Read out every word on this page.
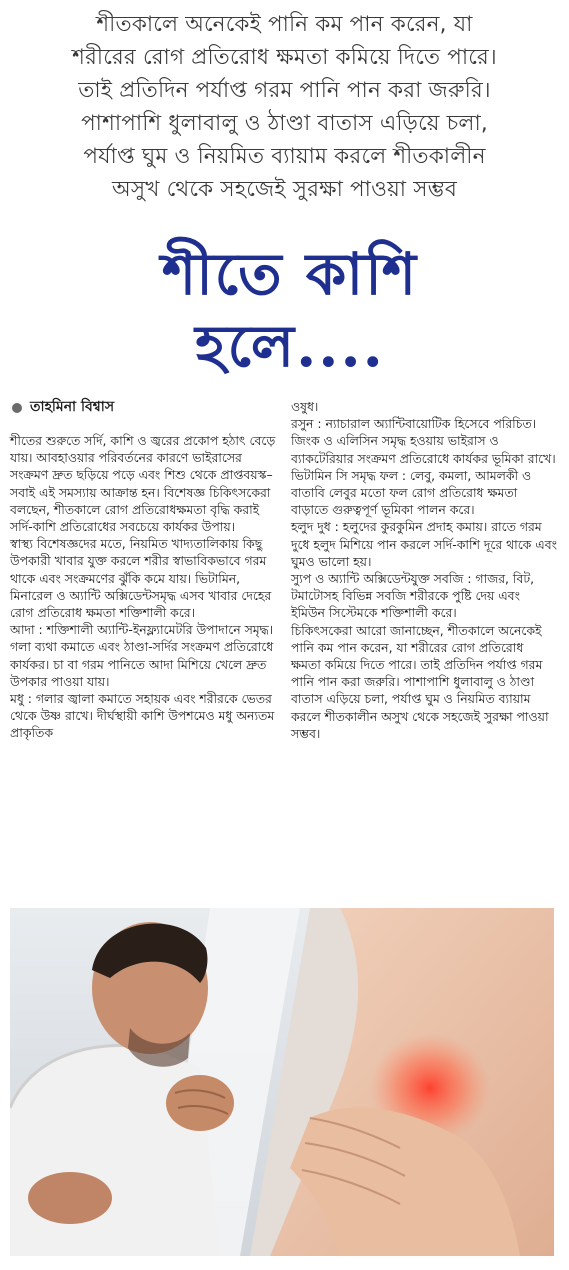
শীতকালে অনেকেই পানি কম পান করেন, যা

শরীরের রোগ প্রতিরোধ ক্ষমতা কমিয়ে দিতে পারে।

তাই প্রতিদিন পর্যাপ্ত গরম পানি পান করা জরুরি।

পাশাপাশি ধুলাবালু ও ঠাণ্ডা বাতাস এড়িয়ে চলা,

পর্যাপ্ত ঘুম ও নিয়মিত ব্যায়াম করলে শীতকালীন

অসুখ থেকে সহজেই সুরক্ষা পাওয়া সম্ভব

শীতে কাশি
হলে....
তাহমিনা বিশ্বাস

শীতের শুরুতে সর্দি, কাশি ও জ্বরের প্রকোপ হঠাৎ বেড়ে যায়। আবহাওয়ার পরিবর্তনের কারণে ভাইরাসের সংক্রমণ দ্রুত ছড়িয়ে পড়ে এবং শিশু থেকে প্রাপ্তবয়স্ক– সবাই এই সমস্যায় আক্রান্ত হন। বিশেষজ্ঞ চিকিৎসকেরা বলছেন, শীতকালে রোগ প্রতিরোধক্ষমতা বৃদ্ধি করাই সর্দি-কাশি প্রতিরোধের সবচেয়ে কার্যকর উপায়।

স্বাস্থ্য বিশেষজ্ঞদের মতে, নিয়মিত খাদ্যতালিকায় কিছু উপকারী খাবার যুক্ত করলে শরীর স্বাভাবিকভাবে গরম থাকে এবং সংক্রমণের ঝুঁকি কমে যায়। ভিটামিন, মিনারেল ও অ্যান্টি অক্সিডেন্টসমৃদ্ধ এসব খাবার দেহের রোগ প্রতিরোধ ক্ষমতা শক্তিশালী করে।

আদা : শক্তিশালী অ্যান্টি-ইনফ্ল্যামেটরি উপাদানে সমৃদ্ধ। গলা ব্যথা কমাতে এবং ঠাণ্ডা-সর্দির সংক্রমণ প্রতিরোধে কার্যকর। চা বা গরম পানিতে আদা মিশিয়ে খেলে দ্রুত উপকার পাওয়া যায়।

মধু : গলার জ্বালা কমাতে সহায়ক এবং শরীরকে ভেতর থেকে উষ্ণ রাখে। দীর্ঘস্থায়ী কাশি উপশমেও মধু অন্যতম প্রাকৃতিক

ওষুধ।

রসুন : ন্যাচারাল অ্যান্টিবায়োটিক হিসেবে পরিচিত। জিংক ও এলিসিন সমৃদ্ধ হওয়ায় ভাইরাস ও ব্যাকটেরিয়ার সংক্রমণ প্রতিরোধে কার্যকর ভূমিকা রাখে।

ভিটামিন সি সমৃদ্ধ ফল : লেবু, কমলা, আমলকী ও বাতাবি লেবুর মতো ফল রোগ প্রতিরোধ ক্ষমতা বাড়াতে গুরুত্বপূর্ণ ভূমিকা পালন করে।

হলুদ দুধ : হলুদের কুরকুমিন প্রদাহ কমায়। রাতে গরম দুধে হলুদ মিশিয়ে পান করলে সর্দি-কাশি দূরে থাকে এবং ঘুমও ভালো হয়।

স্যুপ ও অ্যান্টি অক্সিডেন্টযুক্ত সবজি : গাজর, বিট, টমাটোসহ বিভিন্ন সবজি শরীরকে পুষ্টি দেয় এবং ইমিউন সিস্টেমকে শক্তিশালী করে।

চিকিৎসকেরা আরো জানাচ্ছেন, শীতকালে অনেকেই পানি কম পান করেন, যা শরীরের রোগ প্রতিরোধ ক্ষমতা কমিয়ে দিতে পারে। তাই প্রতিদিন পর্যাপ্ত গরম পানি পান করা জরুরি। পাশাপাশি ধুলাবালু ও ঠাণ্ডা বাতাস এড়িয়ে চলা, পর্যাপ্ত ঘুম ও নিয়মিত ব্যায়াম করলে শীতকালীন অসুখ থেকে সহজেই সুরক্ষা পাওয়া সম্ভব।
